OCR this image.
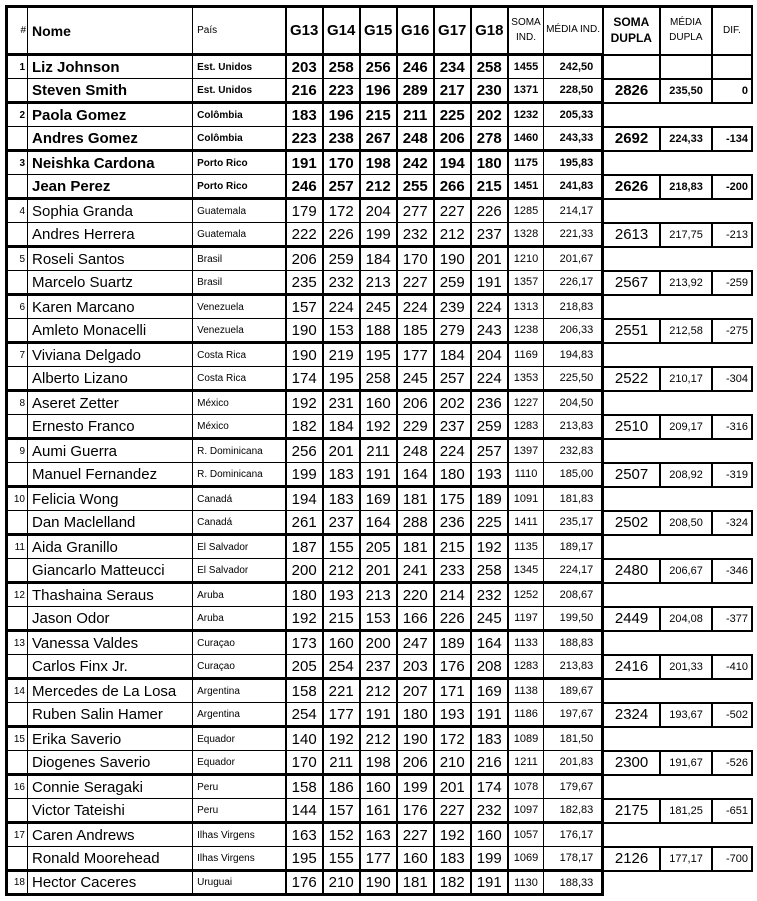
#	Nome	País	G13	G14	G15	G16	G17	G18	SOMA IND.	MÉDIA IND.	SOMA DUPLA	MÉDIA DUPLA	DIF.
1	Liz Johnson	Est. Unidos	203	258	256	246	234	258	1455	242,50			
	Steven Smith	Est. Unidos	216	223	196	289	217	230	1371	228,50	2826	235,50	0
2	Paola Gomez	Colômbia	183	196	215	211	225	202	1232	205,33			
	Andres Gomez	Colômbia	223	238	267	248	206	278	1460	243,33	2692	224,33	-134
3	Neishka Cardona	Porto Rico	191	170	198	242	194	180	1175	195,83			
	Jean Perez	Porto Rico	246	257	212	255	266	215	1451	241,83	2626	218,83	-200
4	Sophia Granda	Guatemala	179	172	204	277	227	226	1285	214,17			
	Andres Herrera	Guatemala	222	226	199	232	212	237	1328	221,33	2613	217,75	-213
5	Roseli Santos	Brasil	206	259	184	170	190	201	1210	201,67			
	Marcelo Suartz	Brasil	235	232	213	227	259	191	1357	226,17	2567	213,92	-259
6	Karen Marcano	Venezuela	157	224	245	224	239	224	1313	218,83			
	Amleto Monacelli	Venezuela	190	153	188	185	279	243	1238	206,33	2551	212,58	-275
7	Viviana Delgado	Costa Rica	190	219	195	177	184	204	1169	194,83			
	Alberto Lizano	Costa Rica	174	195	258	245	257	224	1353	225,50	2522	210,17	-304
8	Aseret Zetter	México	192	231	160	206	202	236	1227	204,50			
	Ernesto Franco	México	182	184	192	229	237	259	1283	213,83	2510	209,17	-316
9	Aumi Guerra	R. Dominicana	256	201	211	248	224	257	1397	232,83			
	Manuel Fernandez	R. Dominicana	199	183	191	164	180	193	1110	185,00	2507	208,92	-319
10	Felicia Wong	Canadá	194	183	169	181	175	189	1091	181,83			
	Dan Maclelland	Canadá	261	237	164	288	236	225	1411	235,17	2502	208,50	-324
11	Aida Granillo	El Salvador	187	155	205	181	215	192	1135	189,17			
	Giancarlo Matteucci	El Salvador	200	212	201	241	233	258	1345	224,17	2480	206,67	-346
12	Thashaina Seraus	Aruba	180	193	213	220	214	232	1252	208,67			
	Jason Odor	Aruba	192	215	153	166	226	245	1197	199,50	2449	204,08	-377
13	Vanessa Valdes	Curaçao	173	160	200	247	189	164	1133	188,83			
	Carlos Finx Jr.	Curaçao	205	254	237	203	176	208	1283	213,83	2416	201,33	-410
14	Mercedes de La Losa	Argentina	158	221	212	207	171	169	1138	189,67			
	Ruben Salin Hamer	Argentina	254	177	191	180	193	191	1186	197,67	2324	193,67	-502
15	Erika Saverio	Equador	140	192	212	190	172	183	1089	181,50			
	Diogenes Saverio	Equador	170	211	198	206	210	216	1211	201,83	2300	191,67	-526
16	Connie Seragaki	Peru	158	186	160	199	201	174	1078	179,67			
	Victor Tateishi	Peru	144	157	161	176	227	232	1097	182,83	2175	181,25	-651
17	Caren Andrews	Ilhas Virgens	163	152	163	227	192	160	1057	176,17			
	Ronald Moorehead	Ilhas Virgens	195	155	177	160	183	199	1069	178,17	2126	177,17	-700
18	Hector Caceres	Uruguai	176	210	190	181	182	191	1130	188,33			
